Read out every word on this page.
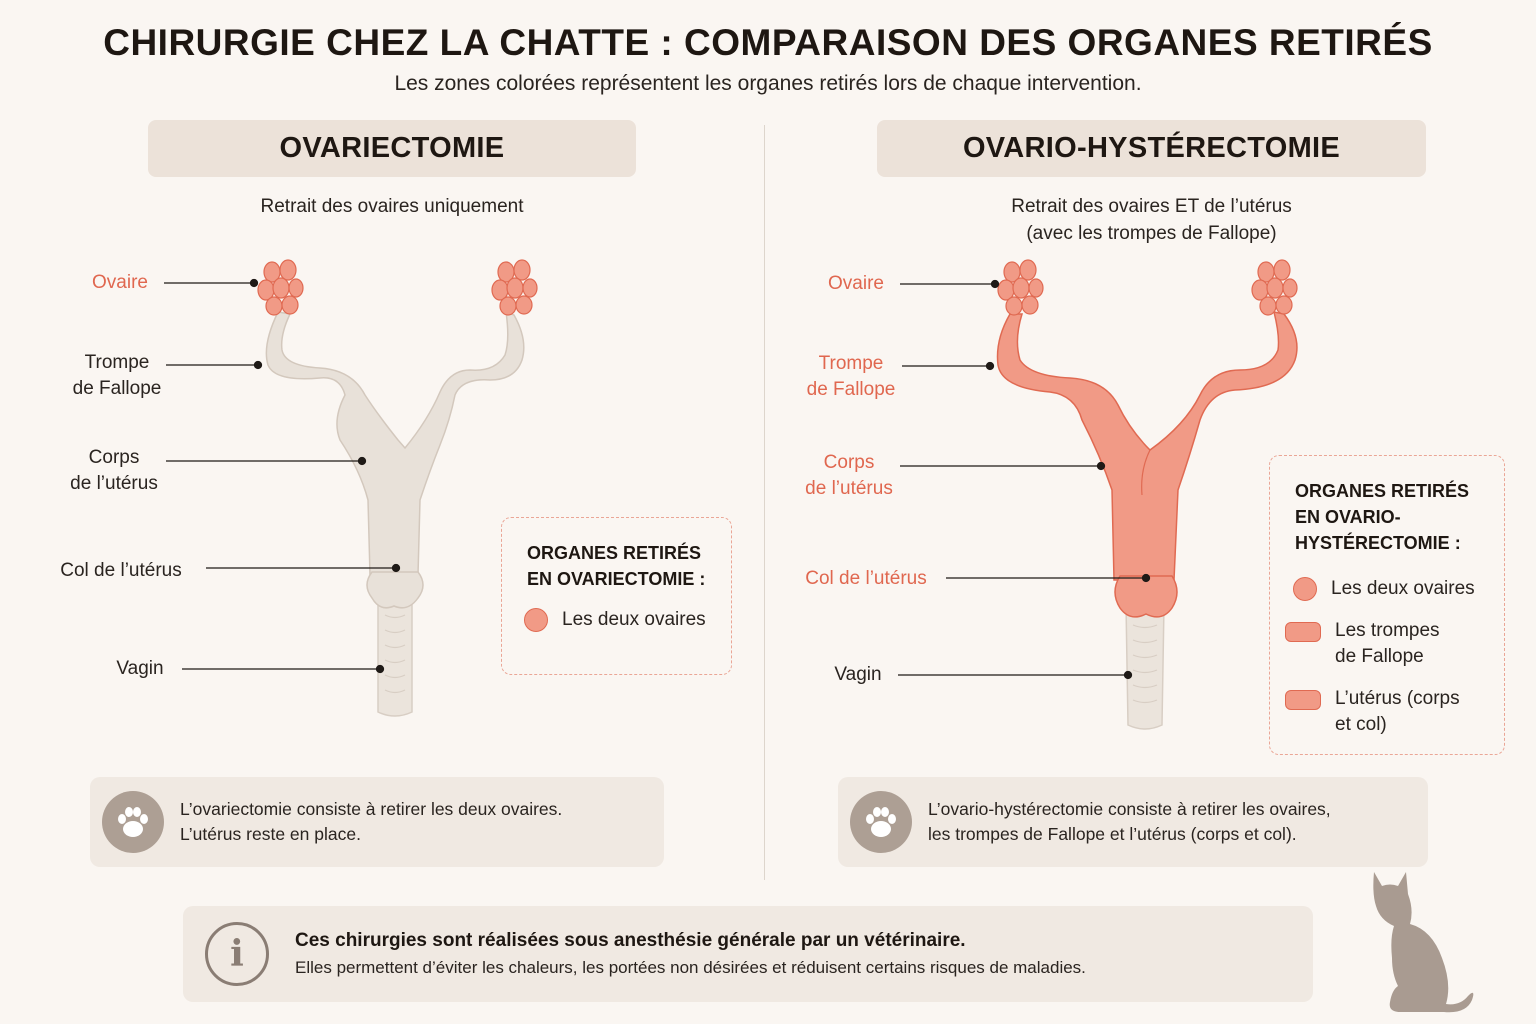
CHIRURGIE CHEZ LA CHATTE : COMPARAISON DES ORGANES RETIRÉS
Les zones colorées représentent les organes retirés lors de chaque intervention.
OVARIECTOMIE
Retrait des ovaires uniquement
Ovaire
Trompe
de Fallope
Corps
de l’utérus
Col de l’utérus
Vagin
ORGANES RETIRÉS
EN OVARIECTOMIE :
Les deux ovaires
L’ovariectomie consiste à retirer les deux ovaires.
L’utérus reste en place.
OVARIO-HYSTÉRECTOMIE
Retrait des ovaires ET de l’utérus
(avec les trompes de Fallope)
Ovaire
Trompe
de Fallope
Corps
de l’utérus
Col de l’utérus
Vagin
ORGANES RETIRÉS
EN OVARIO-
HYSTÉRECTOMIE :
Les deux ovaires
Les trompes
de Fallope
L’utérus (corps
et col)
L’ovario-hystérectomie consiste à retirer les ovaires,
les trompes de Fallope et l’utérus (corps et col).
i	Ces chirurgies sont réalisées sous anesthésie générale par un vétérinaire.
Elles permettent d’éviter les chaleurs, les portées non désirées et réduisent certains risques de maladies.
